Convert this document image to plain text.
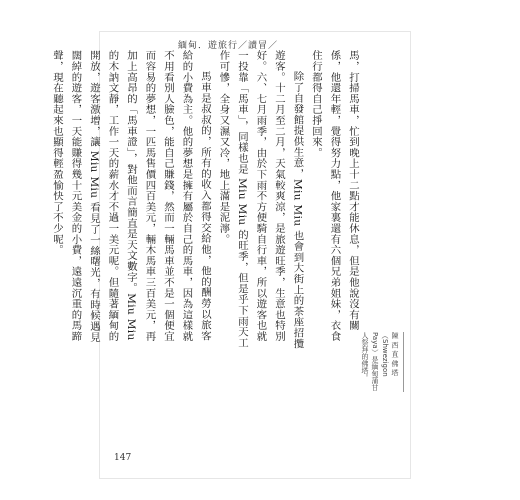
緬甸．遊旅行／讀冒／

馬，打掃馬車，忙到晚上十二點才能休息，但是他說沒有關係，他還年輕，覺得努力點，他家裏還有六個兄弟姐妹，衣食住行都得自己掙回來。

除了自發館提供生意，Miu Miu 也會到大街上的茶座招攬遊客。十二月至二月，天氣較爽涼，是旅遊旺季，生意也特別好。六、七月雨季，由於下雨不方便騎自行車，所以遊客也就一投靠「馬車」，同樣也是 Miu Miu 的旺季，但是乎下雨天工作可慘，全身又濕又冷，地上滿是泥濘。

馬車是叔叔的，所有的收入都得交給他，他的酬勞以旅客給的小費為主。他的夢想是擁有屬於自己的馬車，因為這樣就不用看別人臉色，能自己賺錢，然而一輛馬車並不是一個便宜而容易的夢想，一匹馬售價四百美元，輛木馬車三百美元，再加上高昂的「馬車證」，對他而言簡直是天文數字。Miu Miu 的木訥文靜，工作一天的薪水才不過一美元呢。但隨著緬甸的開放，遊客激增，讓 Miu Miu 看見了一絲曙光，有時候遇見闊綽的遊客，一天能賺得幾十元美金的小費，遠遠沉重的馬蹄聲，現在聽起來也顯得輕盈愉快了不少呢。

陳 西 直 佛 塔（Shwezigon Paya）是緬甸蒲甘人祭拜的佛塔。
147
